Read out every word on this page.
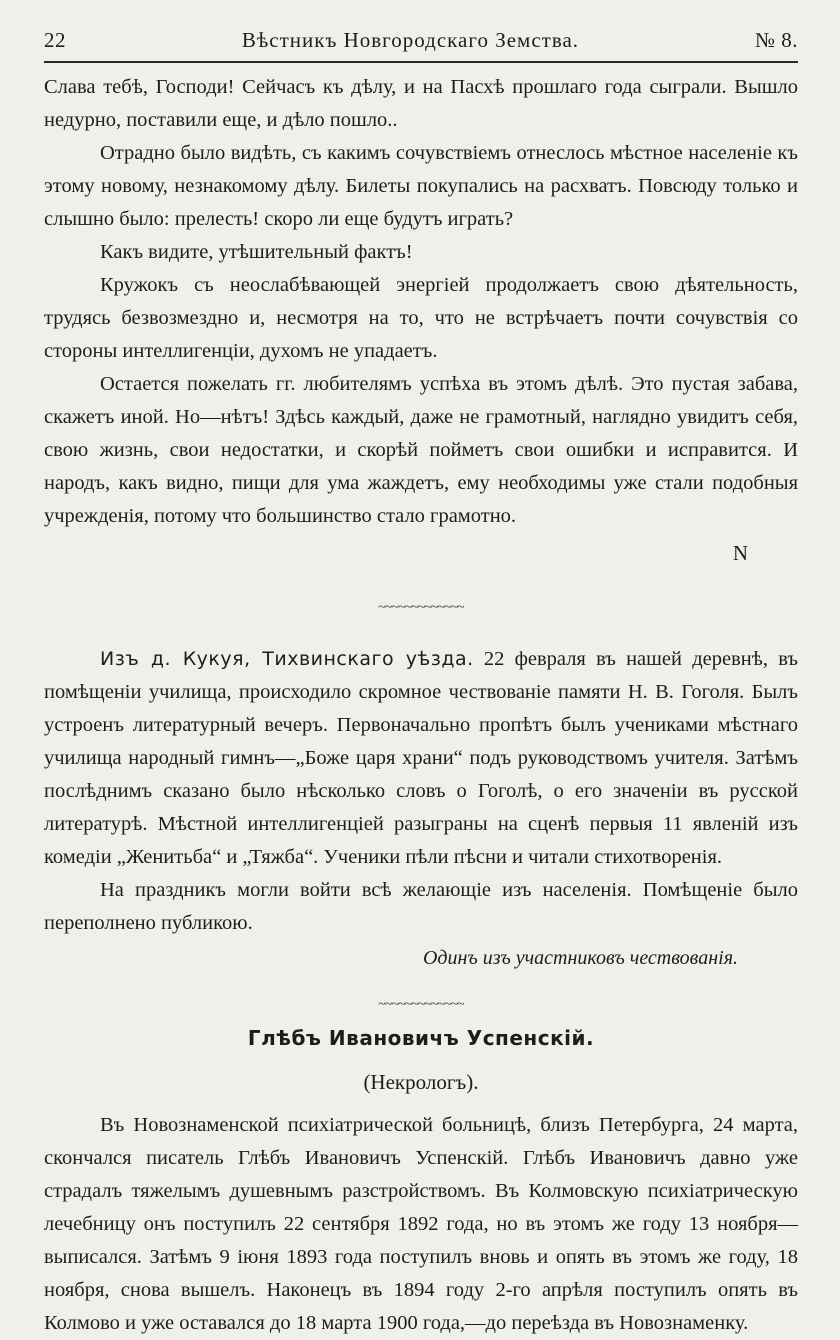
22	Вѣстникъ Новгородскаго Земства.	№ 8.

Слава тебѣ, Господи! Сейчасъ къ дѣлу, и на Пасхѣ прошлаго года сыграли. Вышло недурно, поставили еще, и дѣло пошло..

Отрадно было видѣть, съ какимъ сочувствіемъ отнеслось мѣстное населеніе къ этому новому, незнакомому дѣлу. Билеты покупались на расхватъ. Повсюду только и слышно было: прелесть! скоро ли еще будутъ играть?

Какъ видите, утѣшительный фактъ!

Кружокъ съ неослабѣвающей энергіей продолжаетъ свою дѣятельность, трудясь безвозмездно и, несмотря на то, что не встрѣчаетъ почти сочувствія со стороны интеллигенціи, духомъ не упадаетъ.

Остается пожелать гг. любителямъ успѣха въ этомъ дѣлѣ. Это пустая забава, скажетъ иной. Но—нѣтъ! Здѣсь каждый, даже не грамотный, наглядно увидитъ себя, свою жизнь, свои недостатки, и скорѣй пойметъ свои ошибки и исправится. И народъ, какъ видно, пищи для ума жаждетъ, ему необходимы уже стали подобныя учрежденія, потому что большинство стало грамотно.

N
~~~~~~~~~~~~~

Изъ д. Кукуя, Тихвинскаго уѣзда. 22 февраля въ нашей деревнѣ, въ помѣщеніи училища, происходило скромное чествованіе памяти Н. В. Гоголя. Былъ устроенъ литературный вечеръ. Первоначально пропѣтъ былъ учениками мѣстнаго училища народный гимнъ—„Боже царя храни“ подъ руководствомъ учителя. Затѣмъ послѣднимъ сказано было нѣсколько словъ о Гоголѣ, о его значеніи въ русской литературѣ. Мѣстной интеллигенціей разыграны на сценѣ первыя 11 явленій изъ комедіи „Женитьба“ и „Тяжба“. Ученики пѣли пѣсни и читали стихотворенія.

На праздникъ могли войти всѣ желающіе изъ населенія. Помѣщеніе было переполнено публикою.

Одинъ изъ участниковъ чествованія.
~~~~~~~~~~~~~
Глѣбъ Ивановичъ Успенскій.
(Некрологъ).

Въ Новознаменской психіатрической больницѣ, близъ Петербурга, 24 марта, скончался писатель Глѣбъ Ивановичъ Успенскій. Глѣбъ Ивановичъ давно уже страдалъ тяжелымъ душевнымъ разстройствомъ. Въ Колмовскую психіатрическую лечебницу онъ поступилъ 22 сентября 1892 года, но въ этомъ же году 13 ноября—выписался. Затѣмъ 9 іюня 1893 года поступилъ вновь и опять въ этомъ же году, 18 ноября, снова вышелъ. Наконецъ въ 1894 году 2-го апрѣля поступилъ опять въ Колмово и уже оставался до 18 марта 1900 года,—до переѣзда въ Новознаменку.
